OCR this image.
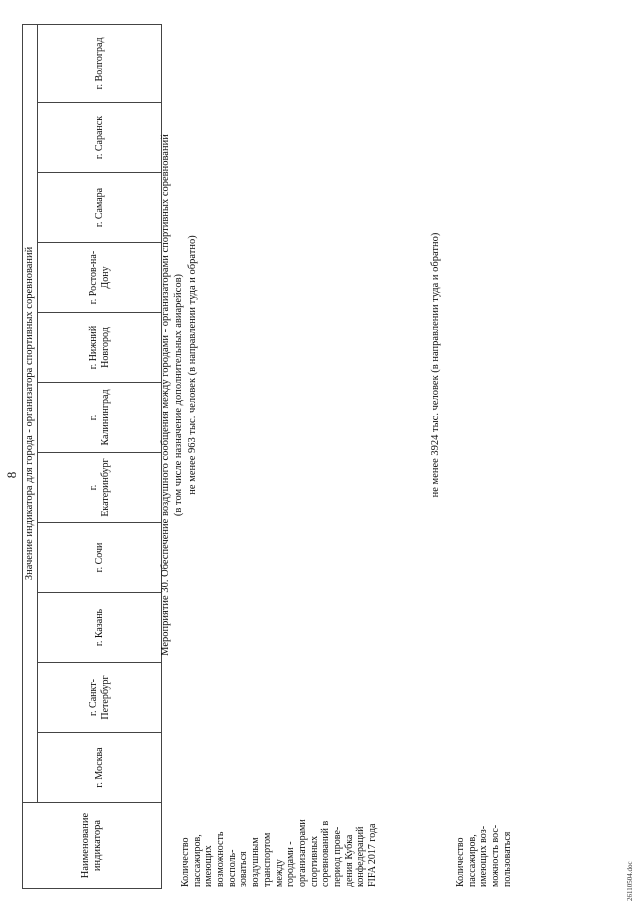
8
Наименование индикатора	Значение индикатора для города - организатора спортивных соревнований										
	г. Москва	г. Санкт-Петербург	г. Казань	г. Сочи	г. Екатеринбург	г. Калининград	г. Нижний Новгород	г. Ростов-на-Дону	г. Самара	г. Саранск	г. Волгоград
Мероприятие 30. Обеспечение воздушного сообщения между городами - организаторами спортивных соревнований (в том числе назначение дополнительных авиарейсов)
Количество пассажиров, имеющих возможность восполь- зоваться воздушным транспортом между городами - организаторами спортивных соревнований в период прове- дения Кубка конфедераций FIFA 2017 года
не менее 963 тыс. человек (в направлении туда и обратно)
Количество пассажиров, имеющих воз- можность вос- пользоваться
не менее 3924 тыс. человек (в направлении туда и обратно)
26110504.doc
